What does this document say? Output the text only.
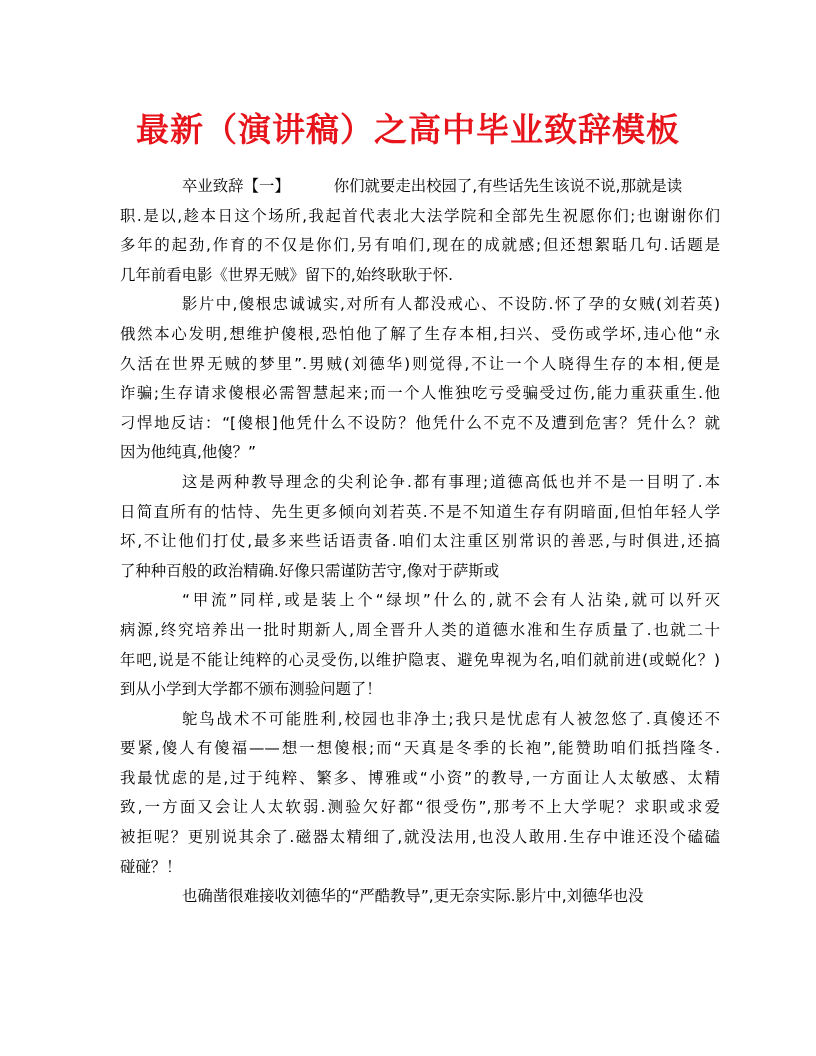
最新（演讲稿）之高中毕业致辞模板
卒业致辞【一】	你们就要走出校园了,有些话先生该说不说,那就是读
职.是以,趁本日这个场所,我起首代表北大法学院和全部先生祝愿你们;也谢谢你们
多年的起劲,作育的不仅是你们,另有咱们,现在的成就感;但还想絮聒几句.话题是
几年前看电影《世界无贼》留下的,始终耿耿于怀.
影片中,傻根忠诚诚实,对所有人都没戒心、不设防.怀了孕的女贼(刘若英)
俄然本心发明,想维护傻根,恐怕他了解了生存本相,扫兴、受伤或学坏,违心他“永
久活在世界无贼的梦里”.男贼(刘德华)则觉得,不让一个人晓得生存的本相,便是
诈骗;生存请求傻根必需智慧起来;而一个人惟独吃亏受骗受过伤,能力重获重生.他
刁悍地反诘：“[傻根]他凭什么不设防？他凭什么不克不及遭到危害？凭什么？就
因为他纯真,他傻？”
这是两种教导理念的尖利论争.都有事理;道德高低也并不是一目明了.本
日简直所有的怙恃、先生更多倾向刘若英.不是不知道生存有阴暗面,但怕年轻人学
坏,不让他们打仗,最多来些话语责备.咱们太注重区别常识的善恶,与时俱进,还搞
了种种百般的政治精确.好像只需谨防苦守,像对于萨斯或
“甲流”同样,或是装上个“绿坝”什么的,就不会有人沾染,就可以歼灭
病源,终究培养出一批时期新人,周全晋升人类的道德水准和生存质量了.也就二十
年吧,说是不能让纯粹的心灵受伤,以维护隐衷、避免卑视为名,咱们就前进(或蜕化？)
到从小学到大学都不颁布测验问题了！
鸵鸟战术不可能胜利,校园也非净土;我只是忧虑有人被忽悠了.真傻还不
要紧,傻人有傻福——想一想傻根;而“天真是冬季的长袍”,能赞助咱们抵挡隆冬.
我最忧虑的是,过于纯粹、繁多、博雅或“小资”的教导,一方面让人太敏感、太精
致,一方面又会让人太软弱.测验欠好都“很受伤”,那考不上大学呢？求职或求爱
被拒呢？更别说其余了.磁器太精细了,就没法用,也没人敢用.生存中谁还没个磕磕
碰碰？！
也确凿很难接收刘德华的“严酷教导”,更无奈实际.影片中,刘德华也没
